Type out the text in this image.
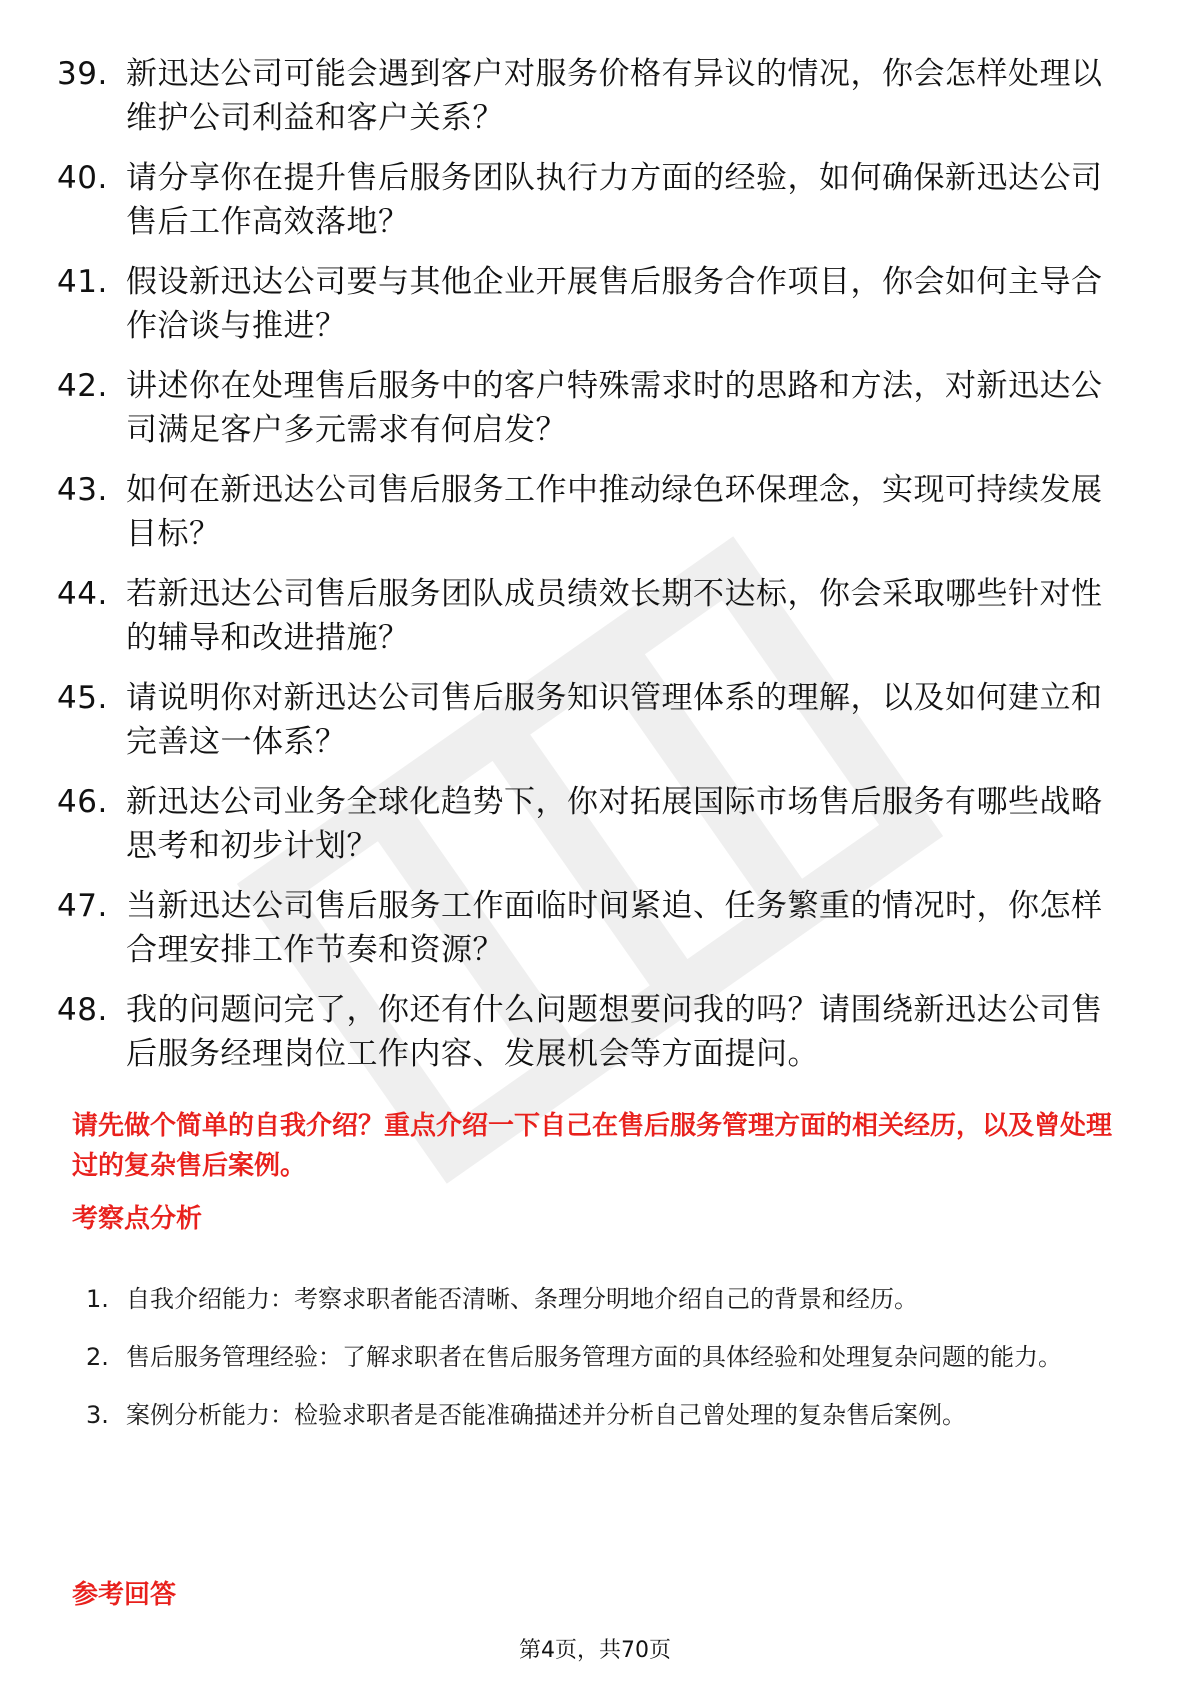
39. 新迅达公司可能会遇到客户对服务价格有异议的情况，你会怎样处理以维护公司利益和客户关系？
40. 请分享你在提升售后服务团队执行力方面的经验，如何确保新迅达公司售后工作高效落地？
41. 假设新迅达公司要与其他企业开展售后服务合作项目，你会如何主导合作洽谈与推进？
42. 讲述你在处理售后服务中的客户特殊需求时的思路和方法，对新迅达公司满足客户多元需求有何启发？
43. 如何在新迅达公司售后服务工作中推动绿色环保理念，实现可持续发展目标？
44. 若新迅达公司售后服务团队成员绩效长期不达标，你会采取哪些针对性的辅导和改进措施？
45. 请说明你对新迅达公司售后服务知识管理体系的理解，以及如何建立和完善这一体系？
46. 新迅达公司业务全球化趋势下，你对拓展国际市场售后服务有哪些战略思考和初步计划？
47. 当新迅达公司售后服务工作面临时间紧迫、任务繁重的情况时，你怎样合理安排工作节奏和资源？
48. 我的问题问完了，你还有什么问题想要问我的吗？请围绕新迅达公司售后服务经理岗位工作内容、发展机会等方面提问。

请先做个简单的自我介绍？重点介绍一下自己在售后服务管理方面的相关经历，以及曾处理过的复杂售后案例。

考察点分析
1. 自我介绍能力：考察求职者能否清晰、条理分明地介绍自己的背景和经历。
2. 售后服务管理经验：了解求职者在售后服务管理方面的具体经验和处理复杂问题的能力。
3. 案例分析能力：检验求职者是否能准确描述并分析自己曾处理的复杂售后案例。
参考回答
第4页，共70页
